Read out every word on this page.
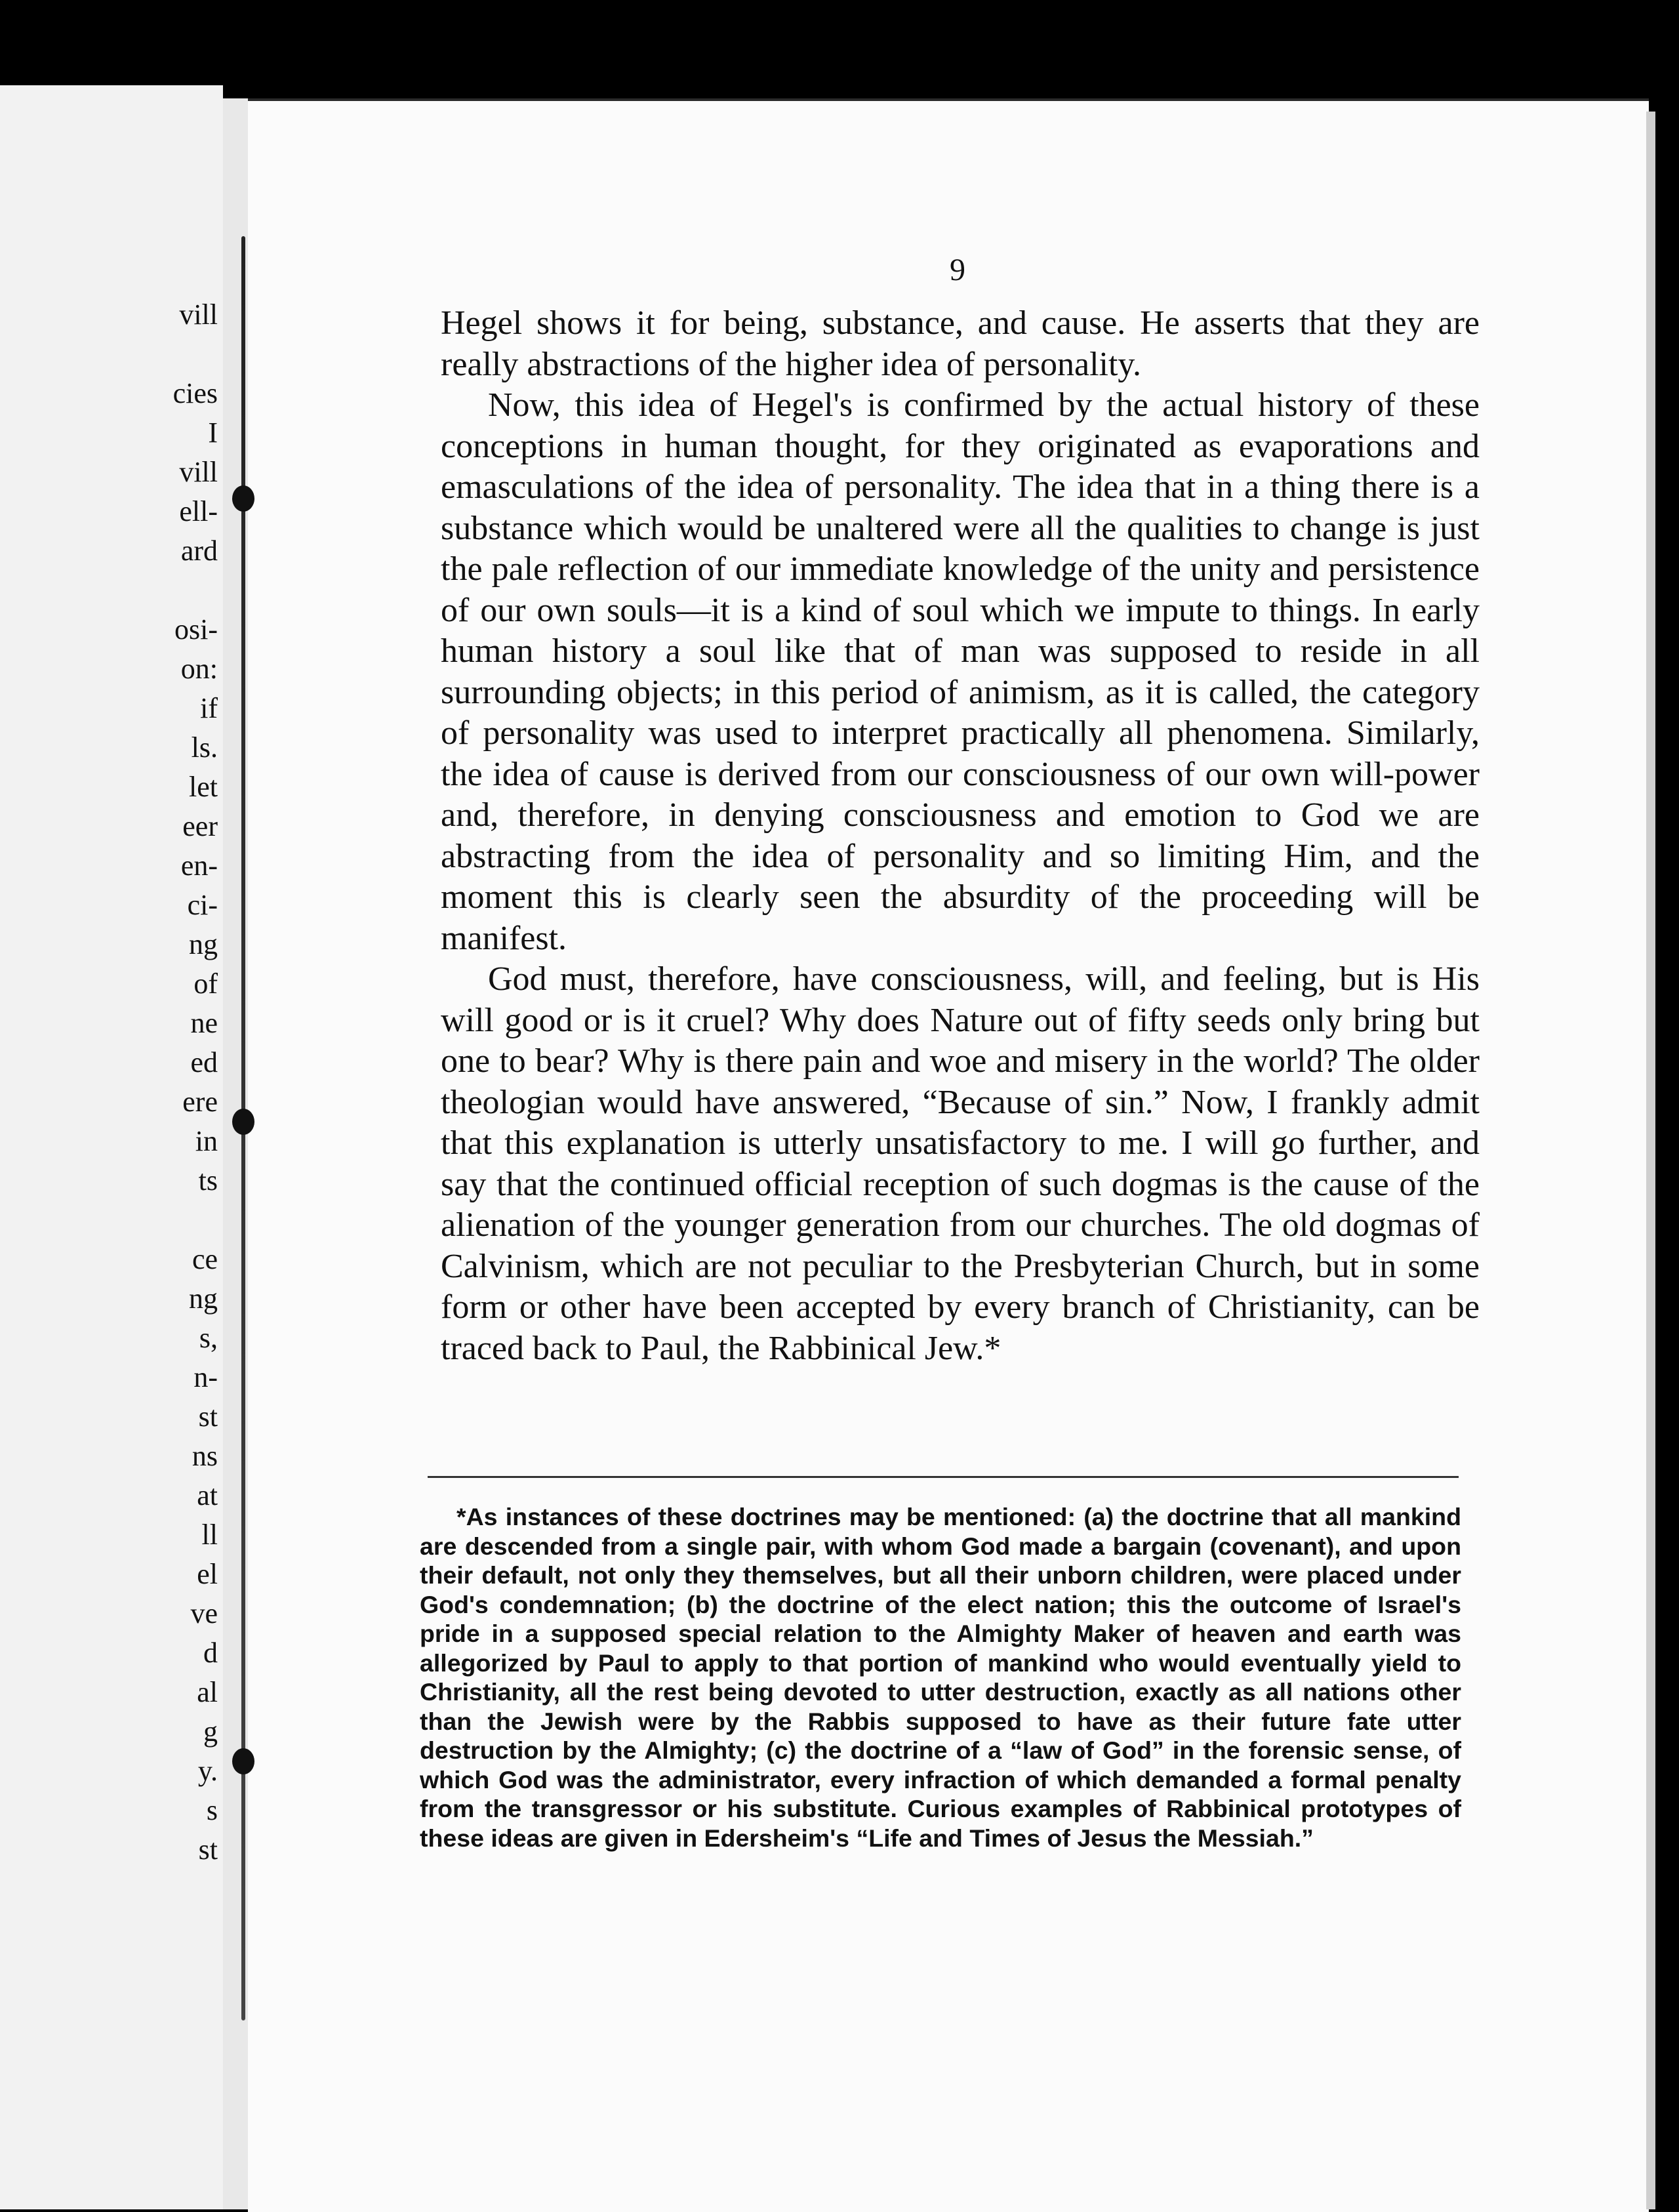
vill

cies
I
vill
ell-
ard

osi-
on:
if
ls.
let
eer
en-
ci-
ng
of
ne
ed
ere
in
ts

ce
ng
s,
n-
st
ns
at
ll
el
ve
d
al
g
y.
s
st
9

Hegel shows it for being, substance, and cause. He asserts that they are really abstractions of the higher idea of personality.

Now, this idea of Hegel's is confirmed by the actual history of these conceptions in human thought, for they originated as evaporations and emasculations of the idea of personality. The idea that in a thing there is a substance which would be unaltered were all the qualities to change is just the pale reflection of our immediate knowledge of the unity and persistence of our own souls—it is a kind of soul which we impute to things. In early human history a soul like that of man was supposed to reside in all surrounding objects; in this period of animism, as it is called, the category of personality was used to interpret practically all phenomena. Similarly, the idea of cause is derived from our consciousness of our own will-power and, therefore, in denying consciousness and emotion to God we are abstracting from the idea of personality and so limiting Him, and the moment this is clearly seen the absurdity of the proceeding will be manifest.

God must, therefore, have consciousness, will, and feeling, but is His will good or is it cruel? Why does Nature out of fifty seeds only bring but one to bear? Why is there pain and woe and misery in the world? The older theologian would have answered, “Because of sin.” Now, I frankly admit that this explanation is utterly unsatisfactory to me. I will go further, and say that the continued official reception of such dogmas is the cause of the alienation of the younger generation from our churches. The old dogmas of Calvinism, which are not peculiar to the Presbyterian Church, but in some form or other have been accepted by every branch of Christianity, can be traced back to Paul, the Rabbinical Jew.*

*As instances of these doctrines may be mentioned: (a) the doctrine that all mankind are descended from a single pair, with whom God made a bargain (covenant), and upon their default, not only they themselves, but all their unborn children, were placed under God's condemnation; (b) the doctrine of the elect nation; this the outcome of Israel's pride in a supposed special relation to the Almighty Maker of heaven and earth was allegorized by Paul to apply to that portion of mankind who would eventually yield to Christianity, all the rest being devoted to utter destruction, exactly as all nations other than the Jewish were by the Rabbis supposed to have as their future fate utter destruction by the Almighty; (c) the doctrine of a “law of God” in the forensic sense, of which God was the administrator, every infraction of which demanded a formal penalty from the transgressor or his substitute. Curious examples of Rabbinical prototypes of these ideas are given in Edersheim's “Life and Times of Jesus the Messiah.”
